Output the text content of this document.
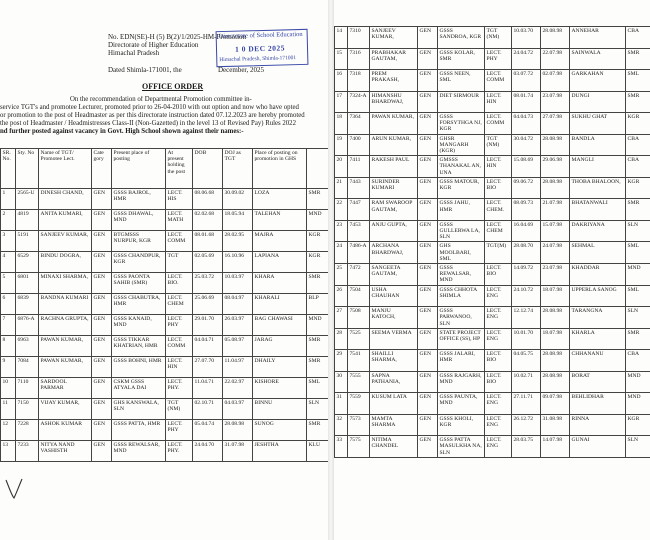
Directorate of School Education
1 0 DEC 2025
Himachal Pradesh, Shimla-171001
No. EDN(SE)-H (5) B(2)/1/2025-HM-Promotion
Directorate of Higher Education
Himachal Pradesh
Dated Shimla-171001, the	December, 2025
OFFICE ORDER
On the recommendation of Departmental Promotion committee in-
service TGT's and promotee Lecturer, promoted prior to 26-04-2010 with out option and now who have opted
or promotion to the post of Headmaster as per this directorate instruction dated 07.12.2023 are hereby promoted
the post of Headmaster / Headmistresses Class-II (Non-Gazetted) in the level 13 of Revised Pay) Rules 2022
nd further posted against vacancy in Govt. High School shown against their names:-
SR. No.	Sty. No	Name of TGT/ Promotee Lect.	Cate gory	Present place of posting	At present holding the post	DOB	DOJ as TGT	Place of posting on promotion in GHS	
1	2565-U	DINESH CHAND,	GEN	GSSS BAJROL, HMR	LECT. HIS	08.06.68	30.09.02	LOZA	SMR
2	4819	ANITA KUMARI,	GEN	GSSS DHAWAL, MND	LECT. MATH	02.02.68	18.05.94	TALEHAN	MND
3	5191	SANJEEV KUMAR,	GEN	BTGMSSS NURPUR, KGR	LECT. COMM	08.01.68	28.02.95	MAJRA	KGR
4	6529	BINDU DOGRA,	GEN	GSSS CHANDPUR, KGR	TGT	02.05.69	16.10.96	LAPIANA	KGR
5	6801	MINAXI SHARMA,	GEN	GSSS PAONTA SAHIB (SMR)	LECT. BIO.	25.03.72	10.03.97	KHARA	SMR
6	6839	BANDNA KUMARI	GEN	GSSS CHABUTRA, HMR	LECT. CHEM	25.06.69	08.04.97	KHARALI	BLP
7	6876-A	RACHNA GRUPTA,	GEN	GSSS KANAID, MND	LECT. PHY	29.01.70	26.03.97	BAG CHAWASI	MND
8	6963	PAWAN KUMAR,	GEN	GSSS TIKKAR KHATRIAN, HMR	LECT. COMM	04.04.71	05.08.97	JARAG	SMR
9	7084	PAWAN KUMAR,	GEN	GSSS BOHNI, HMR	LECT. HIN	27.07.70	11.04.97	DHAILY	SMR
10	7110	SARDOOL PARMAR	GEN	CSKM GSSS ATYALA DAI	LECT. PHY.	11.04.71	22.02.97	KISHORE	SML
11	7150	VIJAY KUMAR,	GEN	GHS KANSWALA, SLN	TGT (NM)	02.10.71	04.03.97	BINNU	SLN
12	7228	ASHOK KUMAR	GEN	GSSS PATTA, HMR	LECT. PHY	05.04.74	28.08.98	SUNOG	SMR
13	7233	NITYA NAND VASHISTH	GEN	GSSS REWALSAR, MND	LECT. PHY.	24.04.70	31.07.98	JESHTHA	KLU
14	7310	SANJEEV KUMAR,	GEN	GSSS SANDROA, KGR	TGT (NM)	10.03.70	28.08.98	ANNEHAR	CBA
15	7316	PRABHAKAR GAUTAM,	GEN	GSSS KOLAR, SMR	LECT. PHY	24.04.72	22.07.98	SAINWALA	SMR
16	7318	PREM PRAKASH,	GEN	GSSS NEEN, SML	LECT. COMM	03.07.72	02.07.98	GARKAHAN	SML
17	7324-A	HIMANSHU BHARDWAJ,	GEN	DIET SIRMOUR	LECT. HIN	08.01.74	23.07.98	DUNGI	SMR
18	7364	PAWAN KUMAR,	GEN	GSSS FORSYTHGA NJ, KGR	LECT. COMM	04.04.73	27.07.98	SUKHU GHAT	KGR
19	7400	ARUN KUMAR,	GEN	GHSR MANGARH (KGR)	TGT (NM)	30.04.72	28.08.98	BANDLA	CBA
20	7411	RAKESH PAUL	GEN	GMSSS THANAKAL AN, UNA	LECT. HIN	15.08.69	29.06.98	MANGLI	CBA
21	7443	SURINDER KUMARI	GEN	GSSS MATOUR, KGR	LECT. BIO	09.06.72	28.08.98	THOBA BHALOON,	KGR
22	7447	RAM SWAROOP GAUTAM,	GEN	GSSS JAHU, HMR	LECT. CHEM.	08.09.73	21.07.98	BHATANWALI	SMR
23	7453	ANJU GUPTA,	GEN	GSSS GULLERWA LA, SLN	LECT. CHEM	16.04.69	15.07.98	DAKRIYANA	SLN
24	7486-A	ARCHANA BHARDWAJ,	GEN	GHS MOOLBARI, SML	TGT(M)	28.08.70	24.07.98	SEHMAL	SML
25	7472	SANGEETA GAUTAM,	GEN	GSSS REWALSAR, MND	LECT. BIO	14.09.72	23.07.98	KHADDAR	MND
26	7504	USHA CHAUHAN	GEN	GSSS CHHOTA SHIMLA	LECT. ENG	24.10.72	18.07.98	UPPERLA SANOG	SML
27	7508	MANJU KATOCH,	GEN	GSSS PARWANOO, SLN	LECT. ENG	12.12.74	28.08.98	TARANGNA	SLN
28	7525	SEEMA VERMA	GEN	STATE PROJECT OFFICE (SS), HP	LECT. ENG	10.01.70	18.07.98	KHARLA	SMR
29	7541	SHAILLI SHARMA,	GEN	GSSS JALARI, HMR	LECT. BIO	04.05.75	28.08.98	CHHANANU	CBA
30	7555	SAPNA PATHANIA,	GEN	GSSS RAJGARH, MND	LECT. BIO	10.02.71	28.08.98	BORAT	MND
31	7559	KUSUM LATA	GEN	GSSS PAUNTA, MND	LECT. ENG	27.11.71	09.07.98	BEHLIDHAR	MND
32	7573	MAMTA SHARMA	GEN	GSSS KHOLI, KGR	LECT. ENG	26.12.72	31.08.98	RINNA	KGR
33	7575	NITIMA CHANDEL	GEN	GSSS PATTA MASULKHA NA, SLN	LECT. ENG	28.03.75	14.07.98	GUNAI	SLN
